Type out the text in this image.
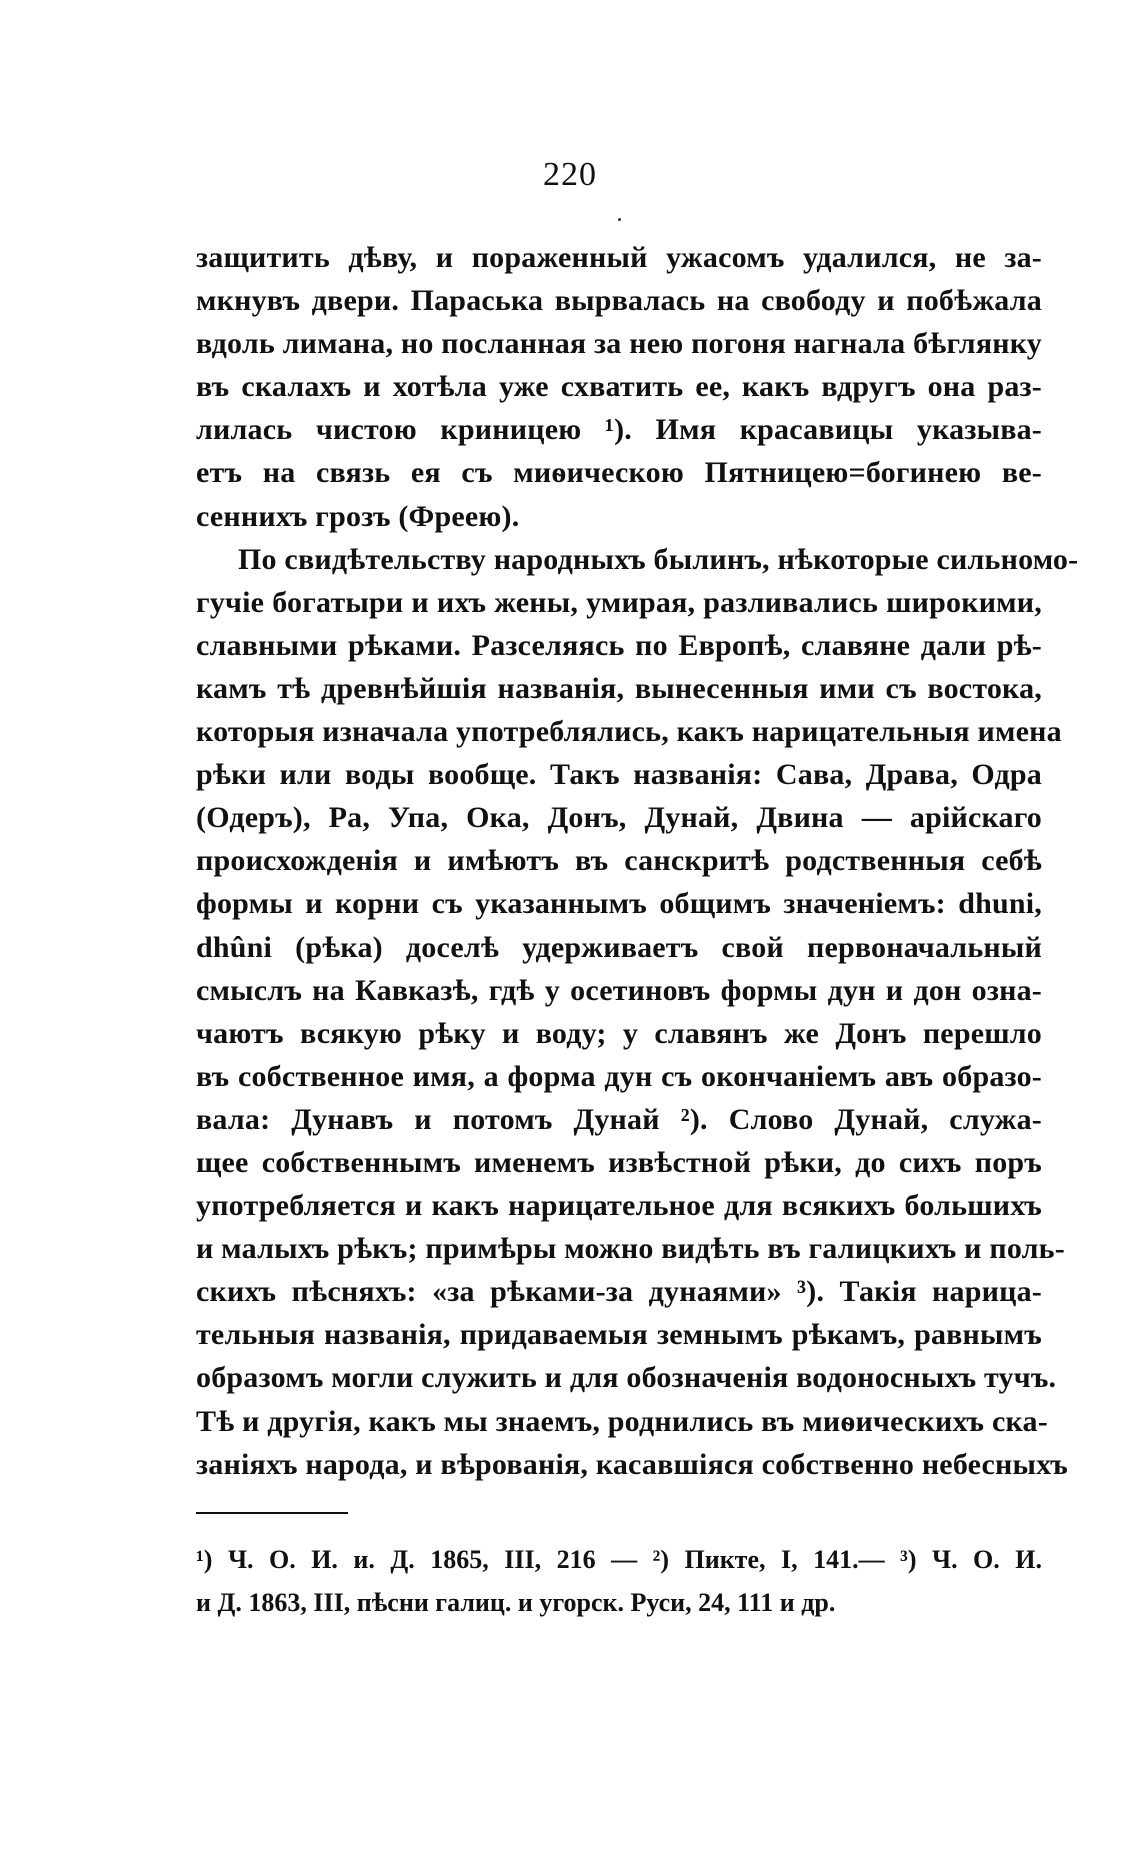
220
защитить дѣву, и пораженный ужасомъ удалился, не за-
мкнувъ двери. Параська вырвалась на свободу и побѣжала
вдоль лимана, но посланная за нею погоня нагнала бѣглянку
въ скалахъ и хотѣла уже схватить ее, какъ вдругъ она раз-
лилась чистою криницею ¹). Имя красавицы указыва-
етъ на связь ея съ миѳическою Пятницею=богинею ве-
сеннихъ грозъ (Фреею).
По свидѣтельству народныхъ былинъ, нѣкоторые сильномо-
гучіе богатыри и ихъ жены, умирая, разливались широкими,
славными рѣками. Разселяясь по Европѣ, славяне дали рѣ-
камъ тѣ древнѣйшія названія, вынесенныя ими съ востока,
которыя изначала употреблялись, какъ нарицательныя имена
рѣки или воды вообще. Такъ названія: Сава, Драва, Одра
(Одеръ), Ра, Упа, Ока, Донъ, Дунай, Двина — арійскаго
происхожденія и имѣютъ въ санскритѣ родственныя себѣ
формы и корни съ указаннымъ общимъ значеніемъ: dhuni,
dhûni (рѣка) доселѣ удерживаетъ свой первоначальный
смыслъ на Кавказѣ, гдѣ у осетиновъ формы дун и дон озна-
чаютъ всякую рѣку и воду; у славянъ же Донъ перешло
въ собственное имя, а форма дун съ окончаніемъ авъ образо-
вала: Дунавъ и потомъ Дунай ²). Слово Дунай, служа-
щее собственнымъ именемъ извѣстной рѣки, до сихъ поръ
употребляется и какъ нарицательное для всякихъ большихъ
и малыхъ рѣкъ; примѣры можно видѣть въ галицкихъ и поль-
скихъ пѣсняхъ: «за рѣками-за дунаями» ³). Такія нарица-
тельныя названія, придаваемыя земнымъ рѣкамъ, равнымъ
образомъ могли служить и для обозначенія водоносныхъ тучъ.
Тѣ и другія, какъ мы знаемъ, роднились въ миѳическихъ ска-
заніяхъ народа, и вѣрованія, касавшіяся собственно небесныхъ
¹) Ч. О. И. и. Д. 1865, III, 216 — ²) Пикте, I, 141.— ³) Ч. О. И.
и Д. 1863, III, пѣсни галиц. и угорск. Руси, 24, 111 и др.
